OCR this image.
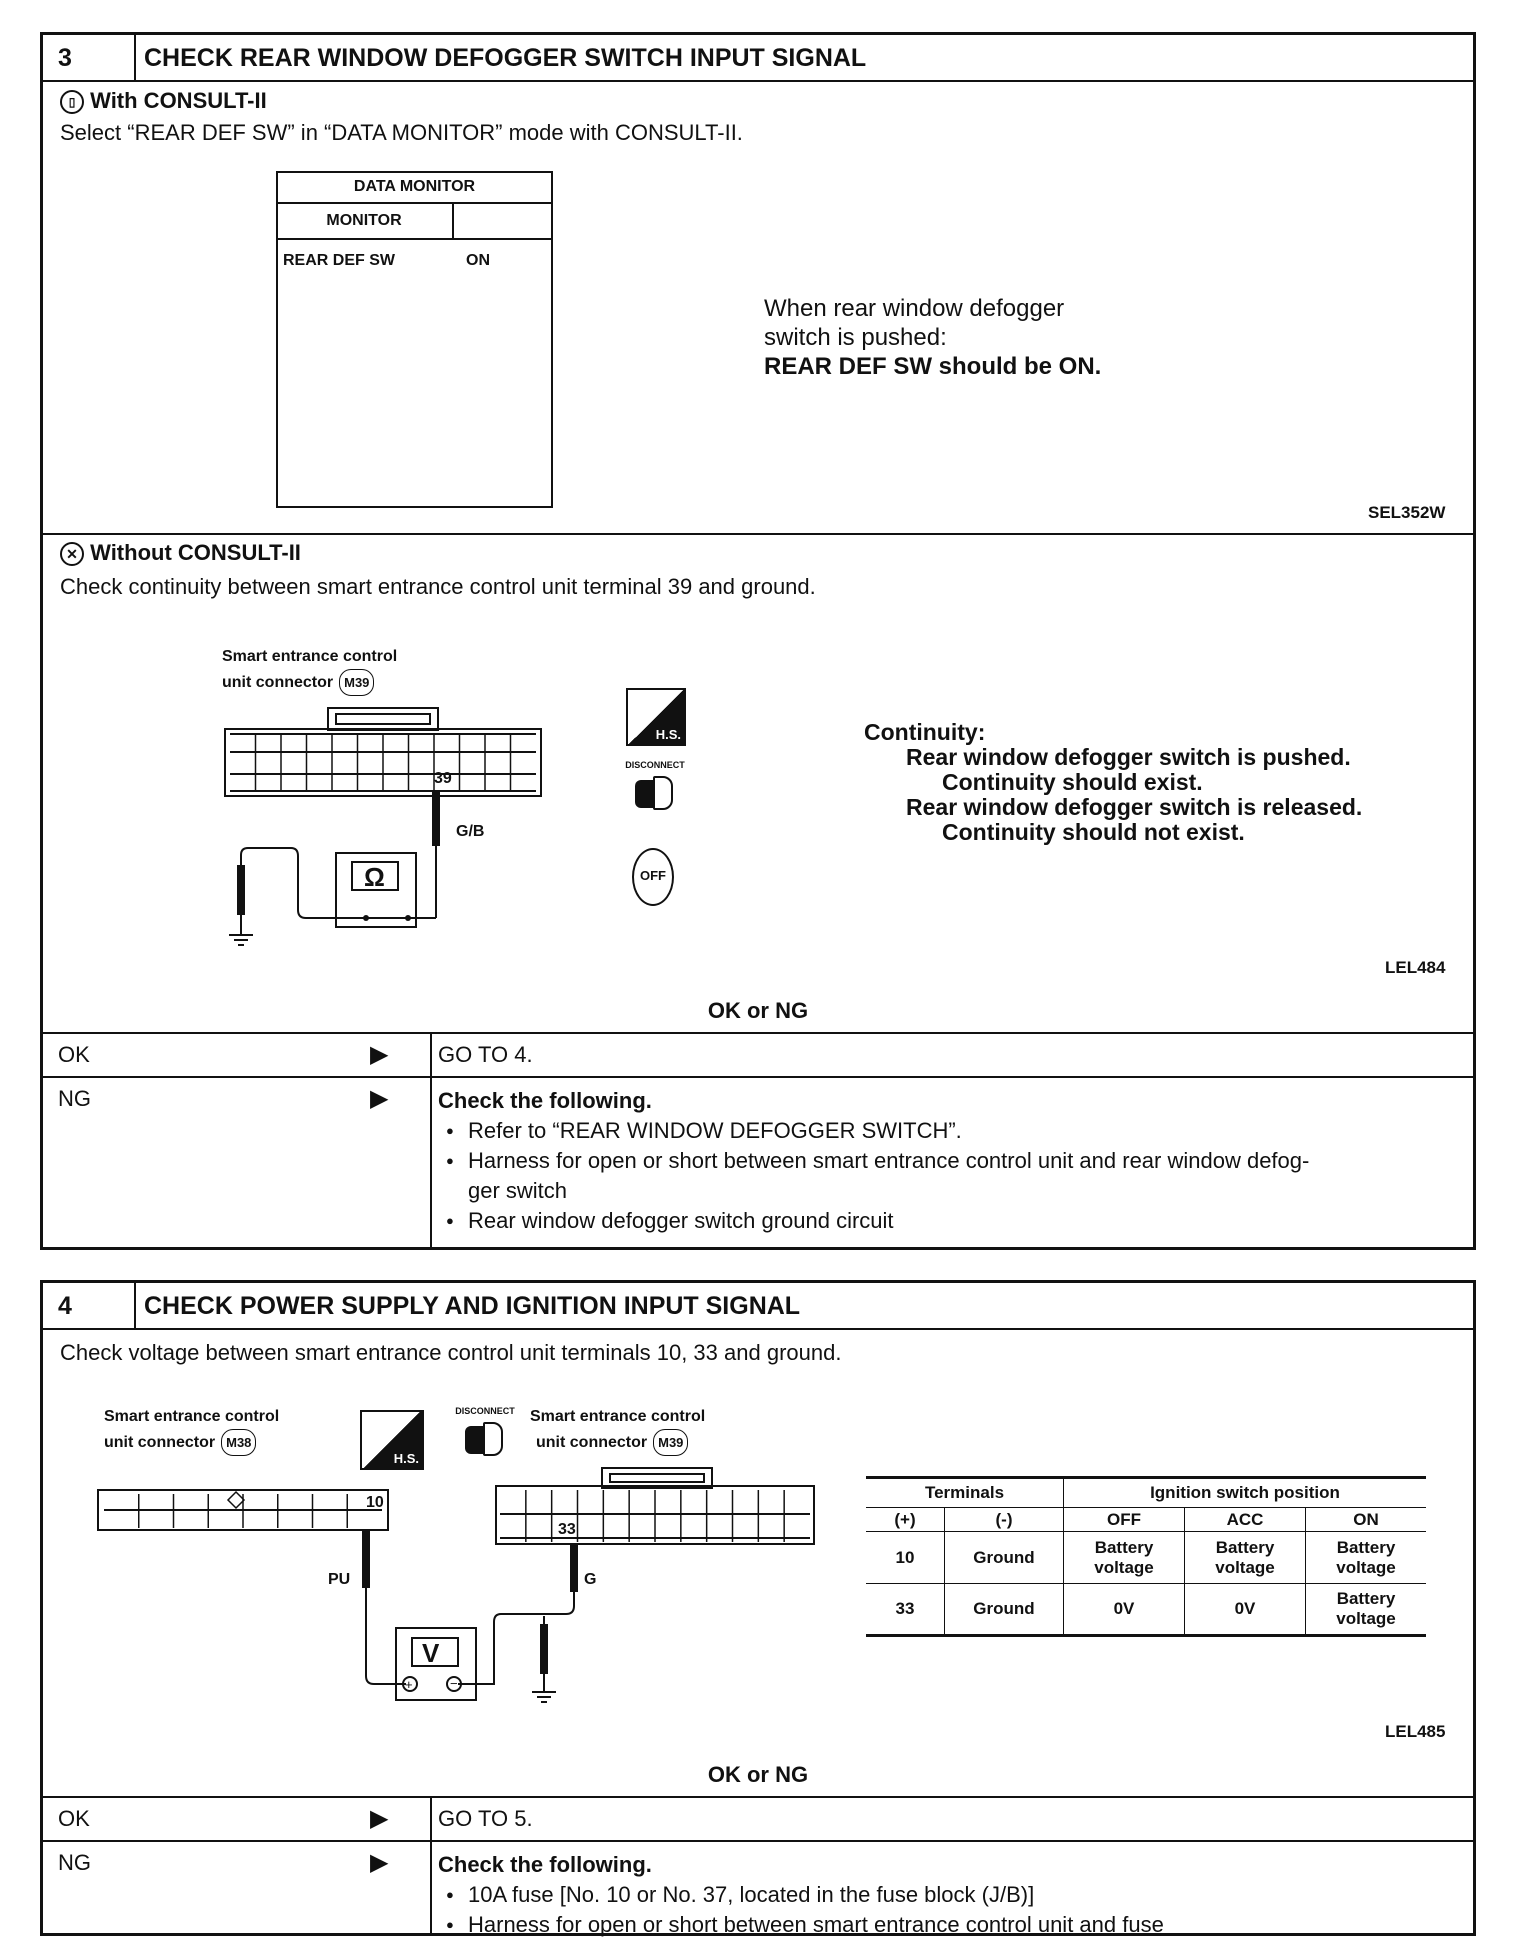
3	CHECK REAR WINDOW DEFOGGER SWITCH INPUT SIGNAL
▯ With CONSULT-II
Select “REAR DEF SW” in “DATA MONITOR” mode with CONSULT-II.
DATA MONITOR
MONITOR
REAR DEF SW	ON
When rear window defogger
switch is pushed:
REAR DEF SW should be ON.
SEL352W
✕ Without CONSULT-II
Check continuity between smart entrance control unit terminal 39 and ground.
Smart entrance control
unit connector M39
39
G/B
Ω
H.S.
DISCONNECT
OFF
Continuity:
Rear window defogger switch is pushed.
Continuity should exist.
Rear window defogger switch is released.
Continuity should not exist.
LEL484
OK or NG
OK	▶ GO TO 4.
NG	▶ Check the following.
● Refer to “REAR WINDOW DEFOGGER SWITCH”.
● Harness for open or short between smart entrance control unit and rear window defog-
ger switch
● Rear window defogger switch ground circuit
4	CHECK POWER SUPPLY AND IGNITION INPUT SIGNAL
Check voltage between smart entrance control unit terminals 10, 33 and ground.
Smart entrance control
unit connector M38
H.S.
DISCONNECT Smart entrance control
unit connector M39
+	−
10
33
PU	G
V
Terminals		Ignition switch position		
(+)	(-)	OFF	ACC	ON
10	Ground	Battery voltage	Battery voltage	Battery voltage
33	Ground	0V	0V	Battery voltage
LEL485
OK or NG
OK	▶ GO TO 5.
NG	▶ Check the following.
● 10A fuse [No. 10 or No. 37, located in the fuse block (J/B)]
● Harness for open or short between smart entrance control unit and fuse
